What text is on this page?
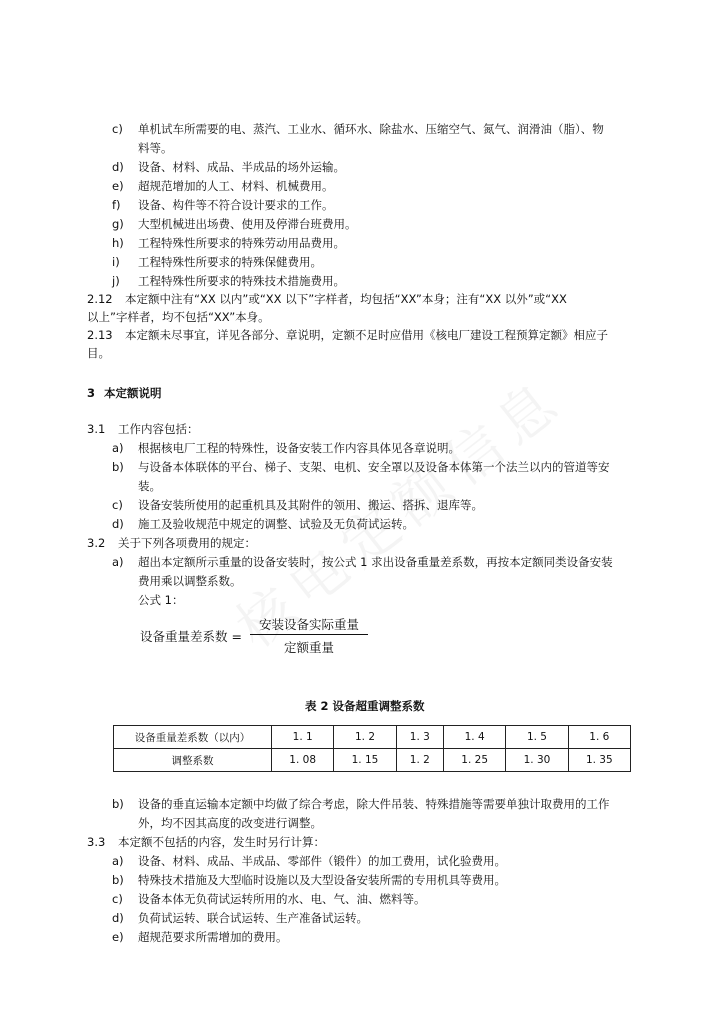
c) 单机试车所需要的电、蒸汽、工业水、循环水、除盐水、压缩空气、氮气、润滑油（脂）、物
料等。
d) 设备、材料、成品、半成品的场外运输。
e) 超规范增加的人工、材料、机械费用。
f) 设备、构件等不符合设计要求的工作。
g) 大型机械进出场费、使用及停滞台班费用。
h) 工程特殊性所要求的特殊劳动用品费用。
i) 工程特殊性所要求的特殊保健费用。
j) 工程特殊性所要求的特殊技术措施费用。
2.12 本定额中注有“XX 以内”或“XX 以下”字样者，均包括“XX”本身；注有“XX 以外”或“XX
以上”字样者，均不包括“XX”本身。
2.13 本定额未尽事宜，详见各部分、章说明，定额不足时应借用《核电厂建设工程预算定额》相应子
目。
3 本定额说明
3.1 工作内容包括：
a) 根据核电厂工程的特殊性，设备安装工作内容具体见各章说明。
b) 与设备本体联体的平台、梯子、支架、电机、安全罩以及设备本体第一个法兰以内的管道等安
装。
c) 设备安装所使用的起重机具及其附件的领用、搬运、搭拆、退库等。
d) 施工及验收规范中规定的调整、试验及无负荷试运转。
3.2 关于下列各项费用的规定：
a) 超出本定额所示重量的设备安装时，按公式 1 求出设备重量差系数，再按本定额同类设备安装
费用乘以调整系数。
公式 1：
设备重量差系数 =
安装设备实际重量
定额重量
表 2 设备超重调整系数
设备重量差系数（以内）	1. 1	1. 2	1. 3	1. 4	1. 5	1. 6
调整系数	1. 08	1. 15	1. 2	1. 25	1. 30	1. 35
b) 设备的垂直运输本定额中均做了综合考虑，除大件吊装、特殊措施等需要单独计取费用的工作
外，均不因其高度的改变进行调整。
3.3 本定额不包括的内容，发生时另行计算：
a) 设备、材料、成品、半成品、零部件（锻件）的加工费用，试化验费用。
b) 特殊技术措施及大型临时设施以及大型设备安装所需的专用机具等费用。
c) 设备本体无负荷试运转所用的水、电、气、油、燃料等。
d) 负荷试运转、联合试运转、生产准备试运转。
e) 超规范要求所需增加的费用。
